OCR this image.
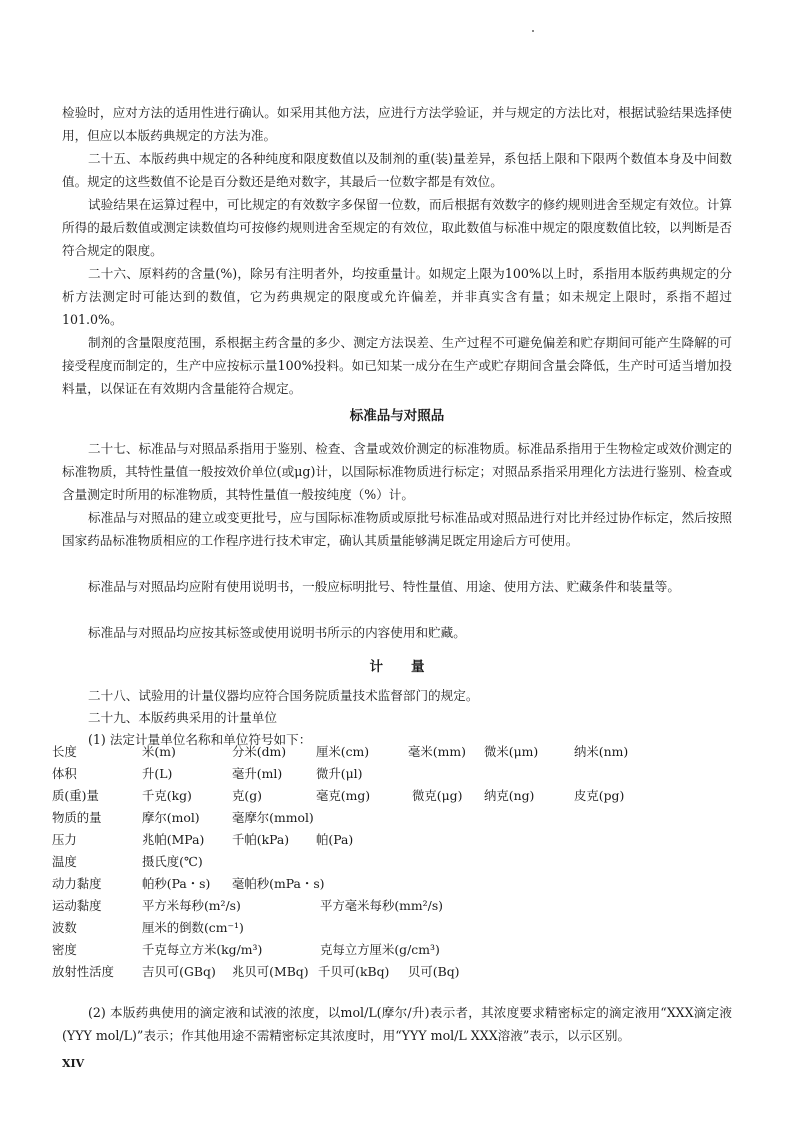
检验时，应对方法的适用性进行确认。如采用其他方法，应进行方法学验证，并与规定的方法比对，根据试验结果选择使用，但应以本版药典规定的方法为准。

二十五、本版药典中规定的各种纯度和限度数值以及制剂的重(装)量差异，系包括上限和下限两个数值本身及中间数值。规定的这些数值不论是百分数还是绝对数字，其最后一位数字都是有效位。

试验结果在运算过程中，可比规定的有效数字多保留一位数，而后根据有效数字的修约规则进舍至规定有效位。计算所得的最后数值或测定读数值均可按修约规则进舍至规定的有效位，取此数值与标准中规定的限度数值比较，以判断是否符合规定的限度。

二十六、原料药的含量(%)，除另有注明者外，均按重量计。如规定上限为100%以上时，系指用本版药典规定的分析方法测定时可能达到的数值，它为药典规定的限度或允许偏差，并非真实含有量；如未规定上限时，系指不超过101.0%。

制剂的含量限度范围，系根据主药含量的多少、测定方法误差、生产过程不可避免偏差和贮存期间可能产生降解的可接受程度而制定的，生产中应按标示量100%投料。如已知某一成分在生产或贮存期间含量会降低，生产时可适当增加投料量，以保证在有效期内含量能符合规定。

标准品与对照品

二十七、标准品与对照品系指用于鉴别、检查、含量或效价测定的标准物质。标准品系指用于生物检定或效价测定的标准物质，其特性量值一般按效价单位(或μg)计，以国际标准物质进行标定；对照品系指采用理化方法进行鉴别、检查或含量测定时所用的标准物质，其特性量值一般按纯度（%）计。

标准品与对照品的建立或变更批号，应与国际标准物质或原批号标准品或对照品进行对比并经过协作标定，然后按照国家药品标准物质相应的工作程序进行技术审定，确认其质量能够满足既定用途后方可使用。

标准品与对照品均应附有使用说明书，一般应标明批号、特性量值、用途、使用方法、贮藏条件和装量等。

标准品与对照品均应按其标签或使用说明书所示的内容使用和贮藏。

计量
二十八、试验用的计量仪器均应符合国务院质量技术监督部门的规定。
二十九、本版药典采用的计量单位
(1) 法定计量单位名称和单位符号如下：

(2) 本版药典使用的滴定液和试液的浓度，以mol/L(摩尔/升)表示者，其浓度要求精密标定的滴定液用“XXX滴定液(YYY mol/L)”表示；作其他用途不需精密标定其浓度时，用“YYY mol/L XXX溶液”表示，以示区别。

长度	米(m) 分米(dm) 厘米(cm) 毫米(mm) 微米(μm) 纳米(nm)
体积	升(L) 毫升(ml) 微升(μl)
质(重)量	千克(kg) 克(g) 毫克(mg) 微克(μg) 纳克(ng) 皮克(pg)
物质的量	摩尔(mol) 毫摩尔(mmol)
压力	兆帕(MPa) 千帕(kPa) 帕(Pa)
温度	摄氏度(℃)
动力黏度	帕秒(Pa・s) 毫帕秒(mPa・s)
运动黏度	平方米每秒(m²/s) 平方毫米每秒(mm²/s)
波数	厘米的倒数(cm⁻¹)
密度	千克每立方米(kg/m³) 克每立方厘米(g/cm³)
放射性活度	吉贝可(GBq) 兆贝可(MBq) 千贝可(kBq) 贝可(Bq)
XIV
